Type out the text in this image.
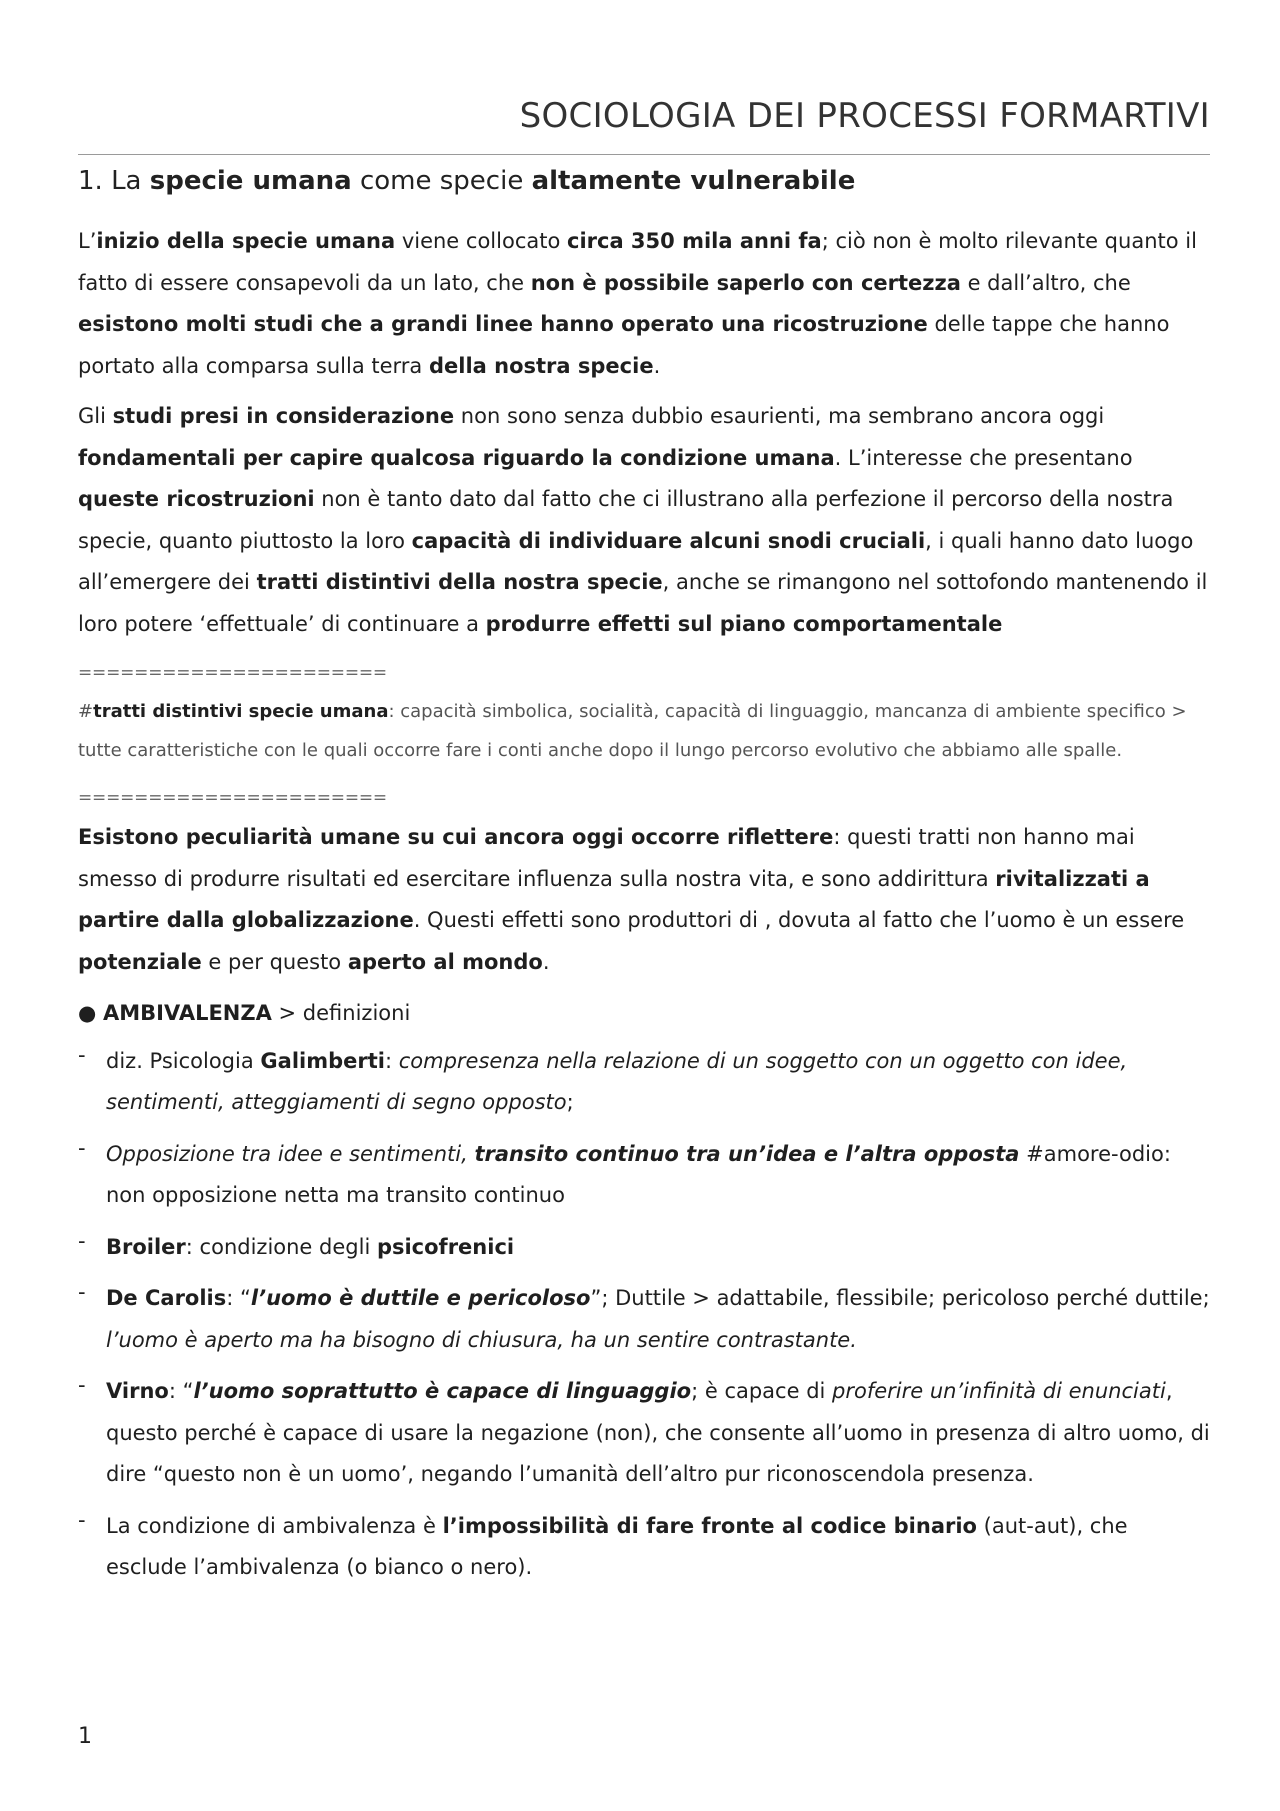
SOCIOLOGIA DEI PROCESSI FORMARTIVI
1. La specie umana come specie altamente vulnerabile

L’inizio della specie umana viene collocato circa 350 mila anni fa; ciò non è molto rilevante quanto il fatto di essere consapevoli da un lato, che non è possibile saperlo con certezza e dall’altro, che esistono molti studi che a grandi linee hanno operato una ricostruzione delle tappe che hanno portato alla comparsa sulla terra della nostra specie.

Gli studi presi in considerazione non sono senza dubbio esaurienti, ma sembrano ancora oggi fondamentali per capire qualcosa riguardo la condizione umana. L’interesse che presentano queste ricostruzioni non è tanto dato dal fatto che ci illustrano alla perfezione il percorso della nostra specie, quanto piuttosto la loro capacità di individuare alcuni snodi cruciali, i quali hanno dato luogo all’emergere dei tratti distintivi della nostra specie, anche se rimangono nel sottofondo mantenendo il loro potere ‘effettuale’ di continuare a produrre effetti sul piano comportamentale

======================

#tratti distintivi specie umana: capacità simbolica, socialità, capacità di linguaggio, mancanza di ambiente specifico > tutte caratteristiche con le quali occorre fare i conti anche dopo il lungo percorso evolutivo che abbiamo alle spalle.

======================

Esistono peculiarità umane su cui ancora oggi occorre riflettere: questi tratti non hanno mai smesso di produrre risultati ed esercitare influenza sulla nostra vita, e sono addirittura rivitalizzati a partire dalla globalizzazione. Questi effetti sono produttori di , dovuta al fatto che l’uomo è un essere potenziale e per questo aperto al mondo.

● AMBIVALENZA > definizioni
- diz. Psicologia Galimberti: compresenza nella relazione di un soggetto con un oggetto con idee, sentimenti, atteggiamenti di segno opposto;
- Opposizione tra idee e sentimenti, transito continuo tra un’idea e l’altra opposta #amore-odio: non opposizione netta ma transito continuo
- Broiler: condizione degli psicofrenici
- De Carolis: “l’uomo è duttile e pericoloso”; Duttile > adattabile, flessibile; pericoloso perché duttile; l’uomo è aperto ma ha bisogno di chiusura, ha un sentire contrastante.
- Virno: “l’uomo soprattutto è capace di linguaggio; è capace di proferire un’infinità di enunciati, questo perché è capace di usare la negazione (non), che consente all’uomo in presenza di altro uomo, di dire “questo non è un uomo’, negando l’umanità dell’altro pur riconoscendola presenza.
- La condizione di ambivalenza è l’impossibilità di fare fronte al codice binario (aut-aut), che esclude l’ambivalenza (o bianco o nero).
1
